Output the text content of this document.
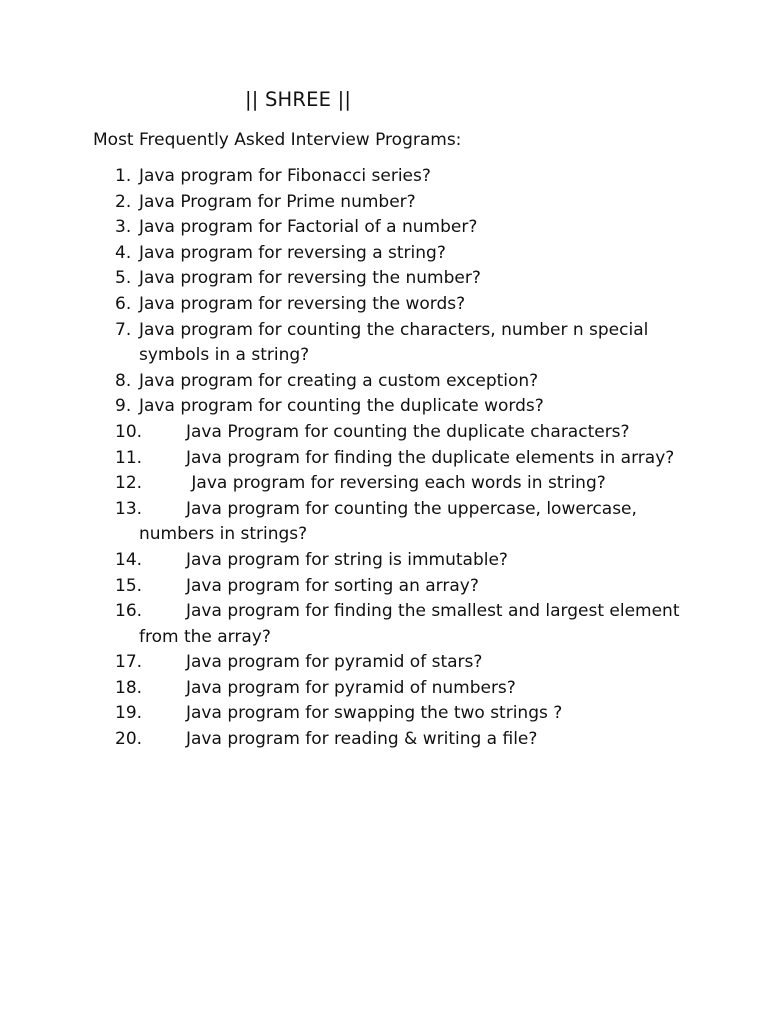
|| SHREE ||
Most Frequently Asked Interview Programs:
1. Java program for Fibonacci series?
2. Java Program for Prime number?
3. Java program for Factorial of a number?
4. Java program for reversing a string?
5. Java program for reversing the number?
6. Java program for reversing the words?
7. Java program for counting the characters, number n special
symbols in a string?
8. Java program for creating a custom exception?
9. Java program for counting the duplicate words?
10.	Java Program for counting the duplicate characters?
11.	Java program for finding the duplicate elements in array?
12.	Java program for reversing each words in string?
13.	Java program for counting the uppercase, lowercase,
numbers in strings?
14.	Java program for string is immutable?
15.	Java program for sorting an array?
16.	Java program for finding the smallest and largest element
from the array?
17.	Java program for pyramid of stars?
18.	Java program for pyramid of numbers?
19.	Java program for swapping the two strings ?
20.	Java program for reading & writing a file?
